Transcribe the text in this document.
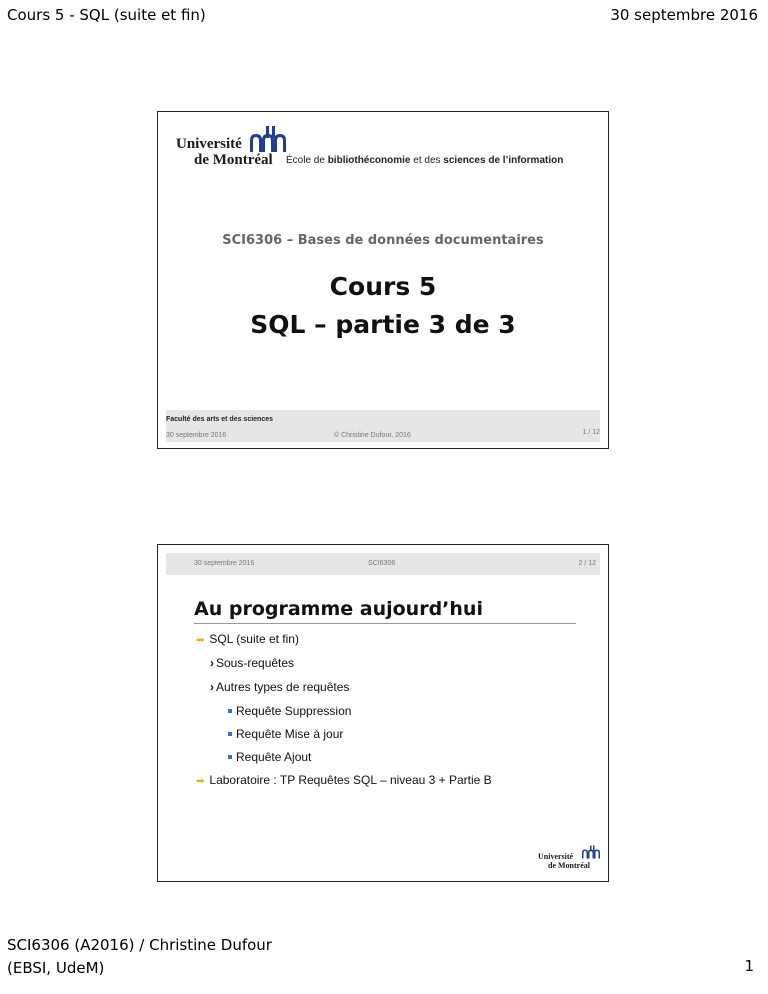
Cours 5 - SQL (suite et fin)	30 septembre 2016
Université
de Montréal École de bibliothéconomie et des sciences de l’information
SCI6306 – Bases de données documentaires
Cours 5
SQL – partie 3 de 3
Faculté des arts et des sciences
30 septembre 2016	© Christine Dufour, 2016	1 / 12
30 septembre 2016	SCI6306	2 / 12
Au programme aujourd’hui
➡ SQL (suite et fin)
› Sous-requêtes
› Autres types de requêtes
Requête Suppression
Requête Mise à jour
Requête Ajout
➡ Laboratoire : TP Requêtes SQL – niveau 3 + Partie B
Université
de Montréal
SCI6306 (A2016) / Christine Dufour (EBSI, UdeM)	1
